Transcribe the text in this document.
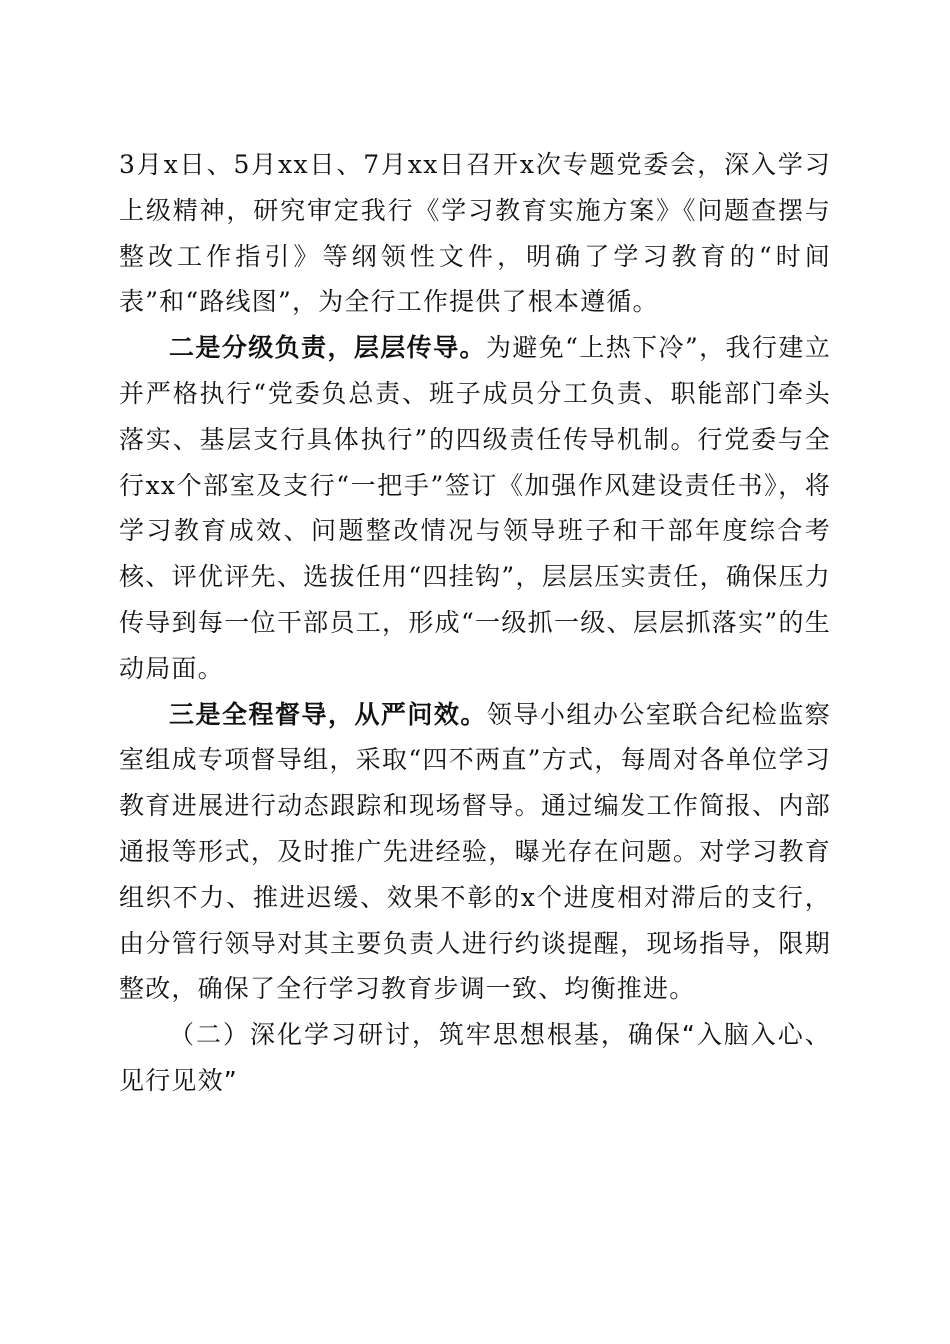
3月x日、5月xx日、7月xx日召开x次专题党委会，深入学习上级精神，研究审定我行《学习教育实施方案》《问题查摆与整改工作指引》等纲领性文件，明确了学习教育的“时间表”和“路线图”，为全行工作提供了根本遵循。

二是分级负责，层层传导。为避免“上热下冷”，我行建立并严格执行“党委负总责、班子成员分工负责、职能部门牵头落实、基层支行具体执行”的四级责任传导机制。行党委与全行xx个部室及支行“一把手”签订《加强作风建设责任书》，将学习教育成效、问题整改情况与领导班子和干部年度综合考核、评优评先、选拔任用“四挂钩”，层层压实责任，确保压力传导到每一位干部员工，形成“一级抓一级、层层抓落实”的生动局面。

三是全程督导，从严问效。领导小组办公室联合纪检监察室组成专项督导组，采取“四不两直”方式，每周对各单位学习教育进展进行动态跟踪和现场督导。通过编发工作简报、内部通报等形式，及时推广先进经验，曝光存在问题。对学习教育组织不力、推进迟缓、效果不彰的x个进度相对滞后的支行，由分管行领导对其主要负责人进行约谈提醒，现场指导，限期整改，确保了全行学习教育步调一致、均衡推进。

（二）深化学习研讨，筑牢思想根基，确保“入脑入心、见行见效”
